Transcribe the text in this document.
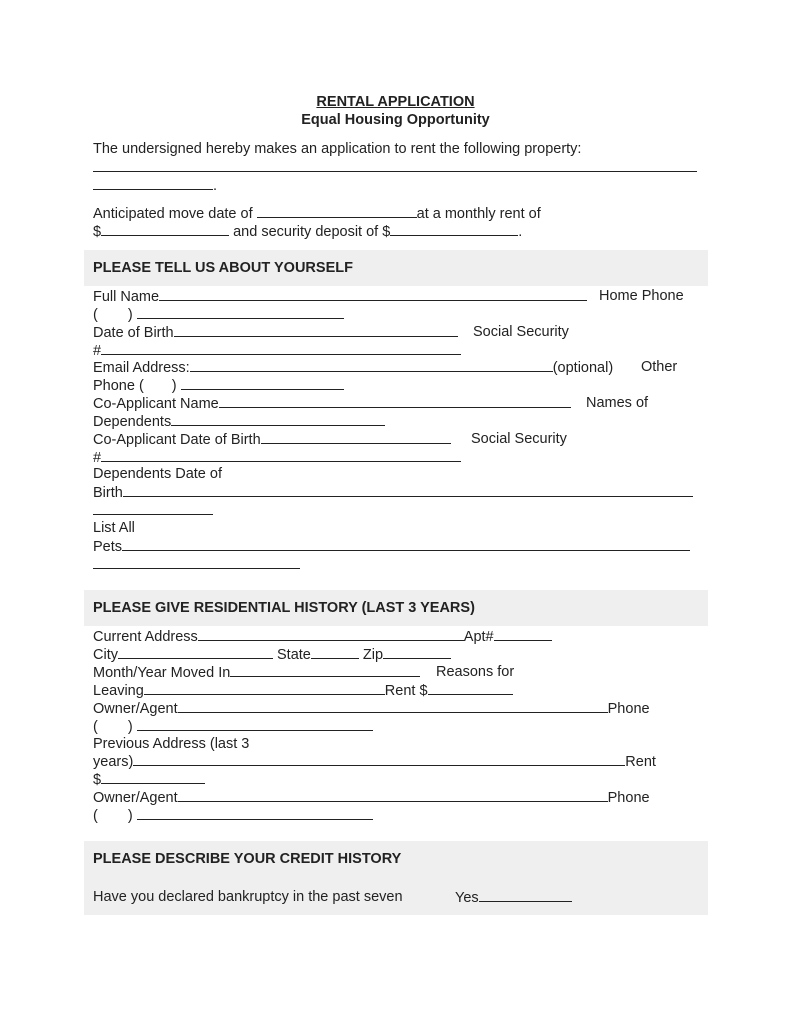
RENTAL APPLICATION
Equal Housing Opportunity
The undersigned hereby makes an application to rent the following property:
.
Anticipated move date of	at a monthly rent of
$	and security deposit of $	.
PLEASE TELL US ABOUT YOURSELF
Full Name	Home Phone
( )
Date of Birth	Social Security
#
Email Address:	(optional) Other
Phone ( )
Co-Applicant Name	Names of
Dependents
Co-Applicant Date of Birth	Social Security
#
Dependents Date of
Birth
List All
Pets
PLEASE GIVE RESIDENTIAL HISTORY (LAST 3 YEARS)
Current Address	Apt#
City	State	Zip
Month/Year Moved In	Reasons for
Leaving	Rent $
Owner/Agent	Phone
( )
Previous Address (last 3
years)	Rent
$
Owner/Agent	Phone
( )
PLEASE DESCRIBE YOUR CREDIT HISTORY
Have you declared bankruptcy in the past seven	Yes
